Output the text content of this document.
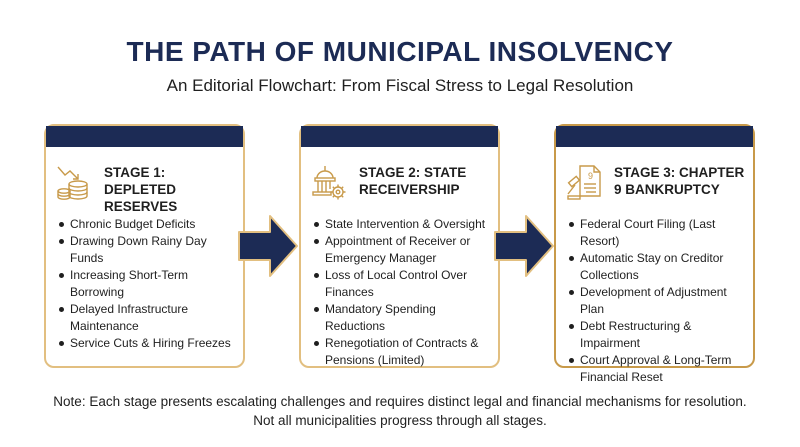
THE PATH OF MUNICIPAL INSOLVENCY
An Editorial Flowchart: From Fiscal Stress to Legal Resolution
STAGE 1: DEPLETED RESERVES
Chronic Budget Deficits
Drawing Down Rainy Day Funds
Increasing Short-Term Borrowing
Delayed Infrastructure Maintenance
Service Cuts & Hiring Freezes
STAGE 2: STATE RECEIVERSHIP
State Intervention & Oversight
Appointment of Receiver or Emergency Manager
Loss of Local Control Over Finances
Mandatory Spending Reductions
Renegotiation of Contracts & Pensions (Limited)
9 STAGE 3: CHAPTER 9 BANKRUPTCY
Federal Court Filing (Last Resort)
Automatic Stay on Creditor Collections
Development of Adjustment Plan
Debt Restructuring & Impairment
Court Approval & Long-Term Financial Reset
Note: Each stage presents escalating challenges and requires distinct legal and financial mechanisms for resolution.
Not all municipalities progress through all stages.
